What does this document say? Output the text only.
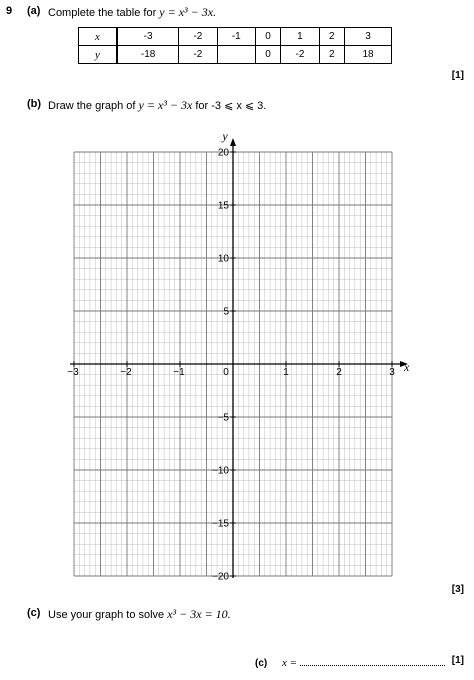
9 (a) Complete the table for y = x³ − 3x.
x	-3	-2	-1	0	1	2	3
y	-18	-2		0	-2	2	18
[1]
(b) Draw the graph of y = x³ − 3x for -3 ⩽ x ⩽ 3.
−3	−2	−1	0	1	2	3
20
15
10
5
−5
−10
−15
−20
x
y
[3]
(c) Use your graph to solve x³ − 3x = 10.
(c) x =	[1]
